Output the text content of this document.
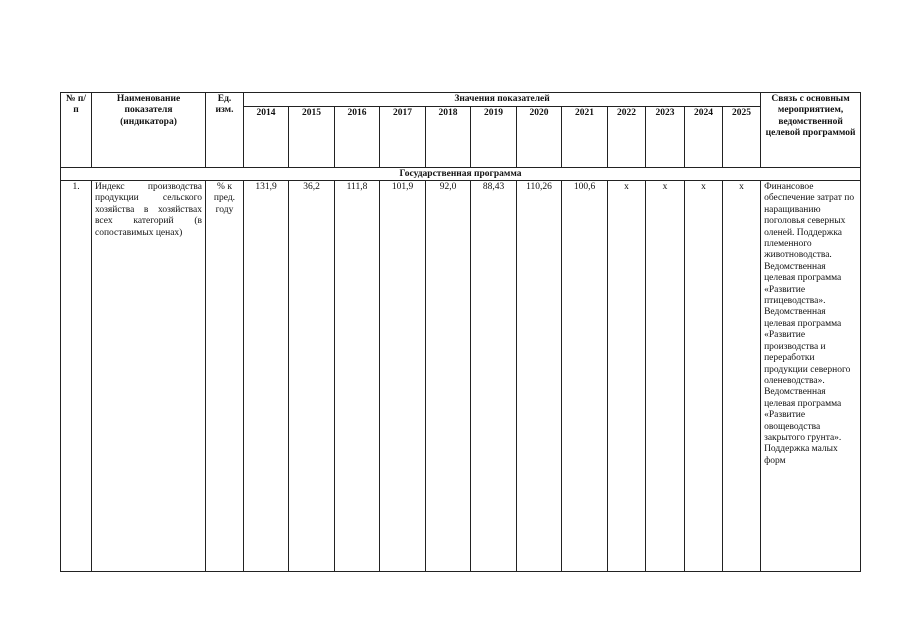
№ п/п	Наименование показателя (индикатора)	Ед. изм.	Значения показателей												Связь с основным мероприятием, ведомственной целевой программой
			2014	2015	2016	2017	2018	2019	2020	2021	2022	2023	2024	2025	
Государственная программа															
1.	Индекс производства продукции сельского хозяйства в хозяйствах всех категорий (в сопоставимых ценах)	% к пред. году	131,9	36,2	111,8	101,9	92,0	88,43	110,26	100,6	х	х	х	х	Финансовое обеспечение затрат по наращиванию поголовья северных оленей. Поддержка племенного животноводства. Ведомственная целевая программа «Развитие птицеводства». Ведомственная целевая программа «Развитие производства и переработки продукции северного оленеводства». Ведомственная целевая программа «Развитие овощеводства закрытого грунта». Поддержка малых форм
